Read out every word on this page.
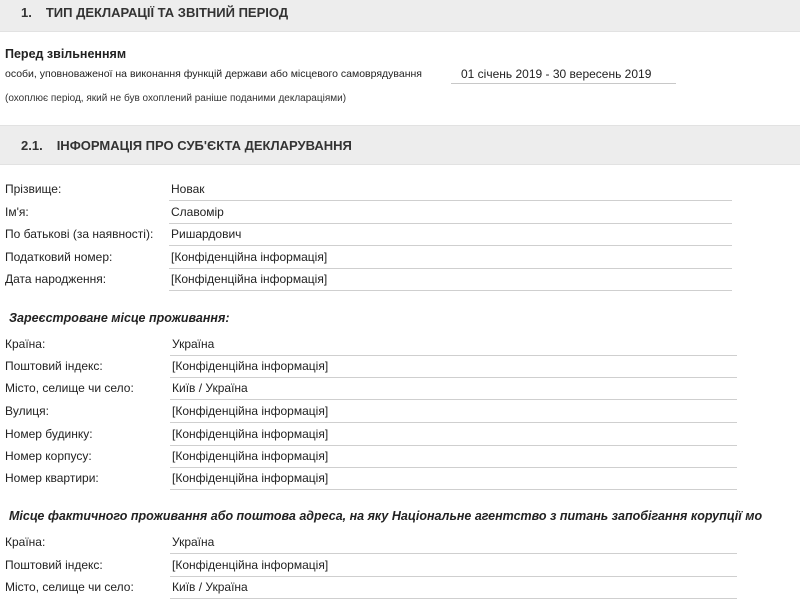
1. ТИП ДЕКЛАРАЦІЇ ТА ЗВІТНИЙ ПЕРІОД
Перед звільненням
особи, уповноваженої на виконання функцій держави або місцевого самоврядування	01 січень 2019 - 30 вересень 2019
(охоплює період, який не був охоплений раніше поданими деклараціями)
2.1. ІНФОРМАЦІЯ ПРО СУБ'ЄКТА ДЕКЛАРУВАННЯ
Прізвище:	Новак
Ім'я:	Славомір
По батькові (за наявності): Ришардович
Податковий номер:	[Конфіденційна інформація]
Дата народження:	[Конфіденційна інформація]
Зареєстроване місце проживання:
Країна:	Україна
Поштовий індекс:	[Конфіденційна інформація]
Місто, селище чи село:	Київ / Україна
Вулиця:	[Конфіденційна інформація]
Номер будинку:	[Конфіденційна інформація]
Номер корпусу:	[Конфіденційна інформація]
Номер квартири:	[Конфіденційна інформація]
Місце фактичного проживання або поштова адреса, на яку Національне агентство з питань запобігання корупції мо
Країна:	Україна
Поштовий індекс:	[Конфіденційна інформація]
Місто, селище чи село:	Київ / Україна
